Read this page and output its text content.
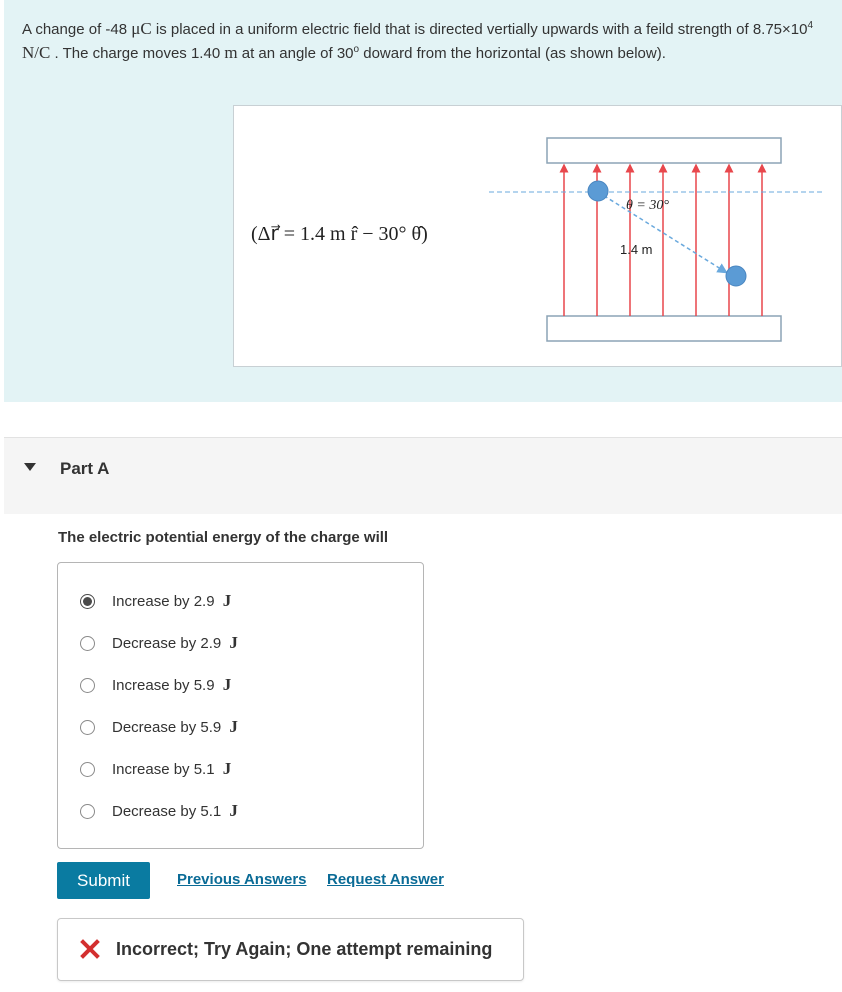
A change of -48 μC is placed in a uniform electric field that is directed vertially upwards with a feild strength of $8.75\times 10^4$ N/C . The charge moves 1.40 m at an angle of 30$^o$ doward from the horizontal (as shown below).
(Δr⃗ = 1.4 m r̂ − 30° θ̂)
θ = 30°
1.4 m
Part A
The electric potential energy of the charge will
Increase by 2.9 J
Decrease by 2.9 J
Increase by 5.9 J
Decrease by 5.9 J
Increase by 5.1 J
Decrease by 5.1 J
Submit	Previous Answers Request Answer
Incorrect; Try Again; One attempt remaining
